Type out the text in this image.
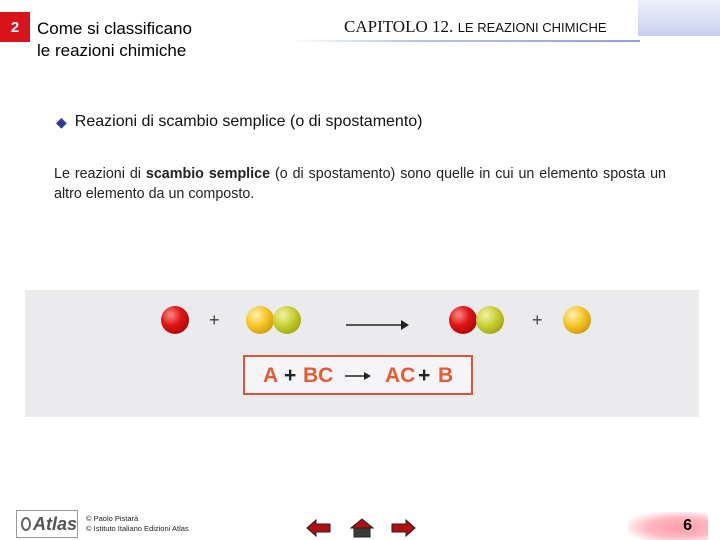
2	Come si classificano
le reazioni chimiche
CAPITOLO 12. LE REAZIONI CHIMICHE
◆ Reazioni di scambio semplice (o di spostamento)
Le reazioni di scambio semplice (o di spostamento) sono quelle in cui un elemento sposta un altro elemento da un composto.
+	+
A + BC AC + B
Atlas © Paolo Pistarà
© Istituto Italiano Edizioni Atlas	6
